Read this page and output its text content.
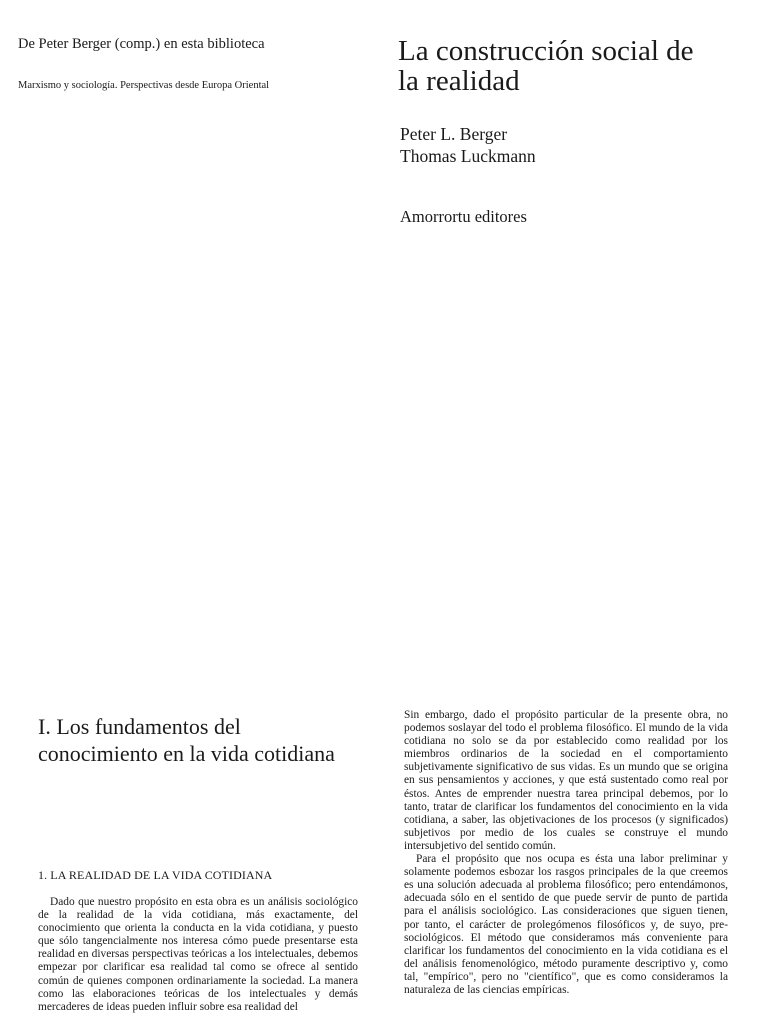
De Peter Berger (comp.) en esta biblioteca
Marxismo y sociología. Perspectivas desde Europa Oriental
La construcción social de la realidad
Peter L. Berger
Thomas Luckmann
Amorrortu editores
I. Los fundamentos del conocimiento en la vida cotidiana
1. LA REALIDAD DE LA VIDA COTIDIANA

Dado que nuestro propósito en esta obra es un análisis sociológico de la realidad de la vida cotidiana, más exactamente, del conocimiento que orienta la conducta en la vida cotidiana, y puesto que sólo tangencialmente nos interesa cómo puede presentarse esta realidad en diversas perspectivas teóricas a los intelectuales, debemos empezar por clarificar esa realidad tal como se ofrece al sentido común de quienes componen ordinariamente la sociedad. La manera como las elaboraciones teóricas de los intelectuales y demás mercaderes de ideas pueden influir sobre esa realidad del

Sin embargo, dado el propósito particular de la presente obra, no podemos soslayar del todo el problema filosófico. El mundo de la vida cotidiana no solo se da por establecido como realidad por los miembros ordinarios de la sociedad en el comportamiento subjetivamente significativo de sus vidas. Es un mundo que se origina en sus pensamientos y acciones, y que está sustentado como real por éstos. Antes de emprender nuestra tarea principal debemos, por lo tanto, tratar de clarificar los fundamentos del conocimiento en la vida cotidiana, a saber, las objetivaciones de los procesos (y significados) subjetivos por medio de los cuales se construye el mundo intersubjetivo del sentido común.

Para el propósito que nos ocupa es ésta una labor preliminar y solamente podemos esbozar los rasgos principales de la que creemos es una solución adecuada al problema filosófico; pero entendámonos, adecuada sólo en el sentido de que puede servir de punto de partida para el análisis sociológico. Las consideraciones que siguen tienen, por tanto, el carácter de prolegómenos filosóficos y, de suyo, pre-sociológicos. El método que consideramos más conveniente para clarificar los fundamentos del conocimiento en la vida cotidiana es el del análisis fenomenológico, método puramente descriptivo y, como tal, "empírico", pero no "científico", que es como consideramos la naturaleza de las ciencias empíricas.
